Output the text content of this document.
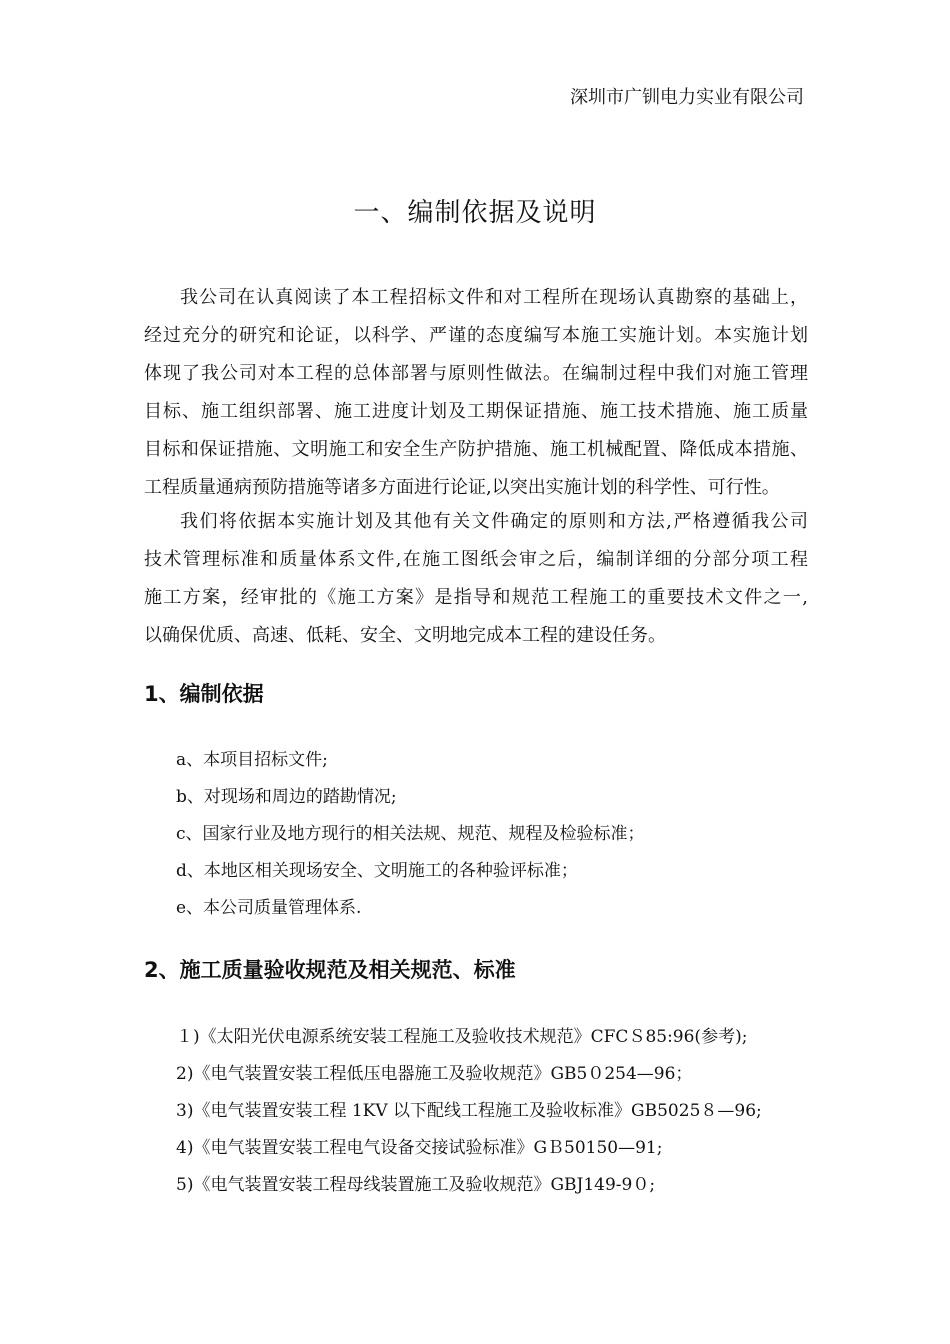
深圳市广钏电力实业有限公司
一、编制依据及说明
我公司在认真阅读了本工程招标文件和对工程所在现场认真勘察的基础上，
经过充分的研究和论证，以科学、严谨的态度编写本施工实施计划。本实施计划
体现了我公司对本工程的总体部署与原则性做法。在编制过程中我们对施工管理
目标、施工组织部署、施工进度计划及工期保证措施、施工技术措施、施工质量
目标和保证措施、文明施工和安全生产防护措施、施工机械配置、降低成本措施、
工程质量通病预防措施等诸多方面进行论证,以突出实施计划的科学性、可行性。
我们将依据本实施计划及其他有关文件确定的原则和方法,严格遵循我公司
技术管理标准和质量体系文件,在施工图纸会审之后，编制详细的分部分项工程
施工方案，经审批的《施工方案》是指导和规范工程施工的重要技术文件之一,
以确保优质、高速、低耗、安全、文明地完成本工程的建设任务。
1、编制依据
a、本项目招标文件;
b、对现场和周边的踏勘情况;
c、国家行业及地方现行的相关法规、规范、规程及检验标准；
d、本地区相关现场安全、文明施工的各种验评标准；
e、本公司质量管理体系.
2、施工质量验收规范及相关规范、标准
１)《太阳光伏电源系统安装工程施工及验收技术规范》CFCＳ85:96(参考);
2)《电气装置安装工程低压电器施工及验收规范》GB5０254—96；
3)《电气装置安装工程 1KV 以下配线工程施工及验收标准》GB5025８—96;
4)《电气装置安装工程电气设备交接试验标准》GＢ50150—91;
5)《电气装置安装工程母线装置施工及验收规范》GBJ149-9０;
